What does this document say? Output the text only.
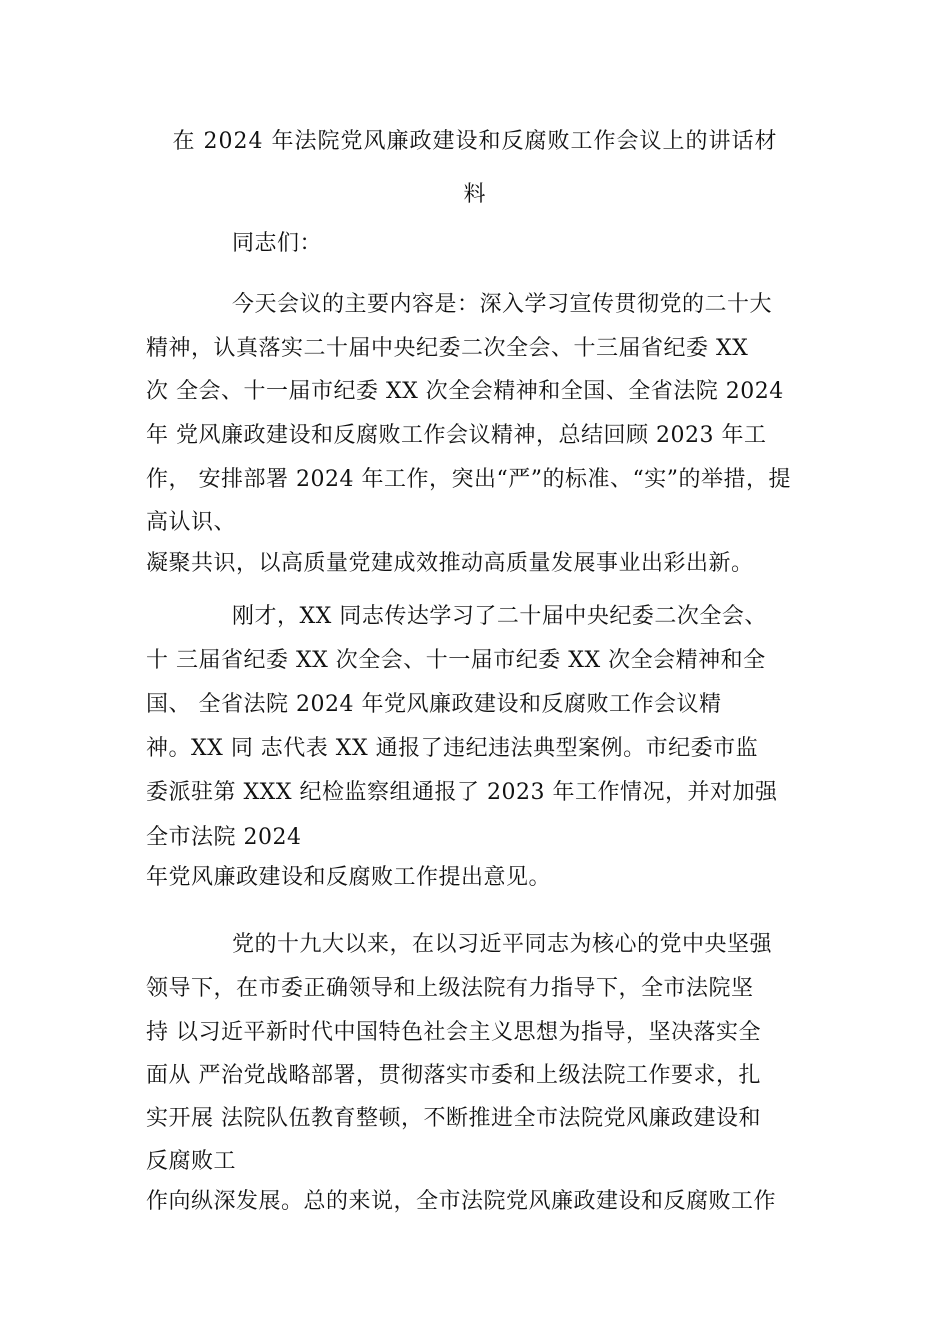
在 2024 年法院党风廉政建设和反腐败工作会议上的讲话材
料
同志们：
今天会议的主要内容是：深入学习宣传贯彻党的二十大
精神，认真落实二十届中央纪委二次全会、十三届省纪委 XX
次 全会、十一届市纪委 XX 次全会精神和全国、全省法院 2024
年 党风廉政建设和反腐败工作会议精神，总结回顾 2023 年工
作， 安排部署 2024 年工作，突出“严”的标准、“实”的举措，提
高认识、
凝聚共识，以高质量党建成效推动高质量发展事业出彩出新。
刚才，XX 同志传达学习了二十届中央纪委二次全会、
十 三届省纪委 XX 次全会、十一届市纪委 XX 次全会精神和全
国、 全省法院 2024 年党风廉政建设和反腐败工作会议精
神。XX 同 志代表 XX 通报了违纪违法典型案例。市纪委市监
委派驻第 XXX 纪检监察组通报了 2023 年工作情况，并对加强
全市法院 2024
年党风廉政建设和反腐败工作提出意见。
党的十九大以来，在以习近平同志为核心的党中央坚强
领导下，在市委正确领导和上级法院有力指导下，全市法院坚
持 以习近平新时代中国特色社会主义思想为指导，坚决落实全
面从 严治党战略部署，贯彻落实市委和上级法院工作要求，扎
实开展 法院队伍教育整顿，不断推进全市法院党风廉政建设和
反腐败工
作向纵深发展。总的来说，全市法院党风廉政建设和反腐败工作
